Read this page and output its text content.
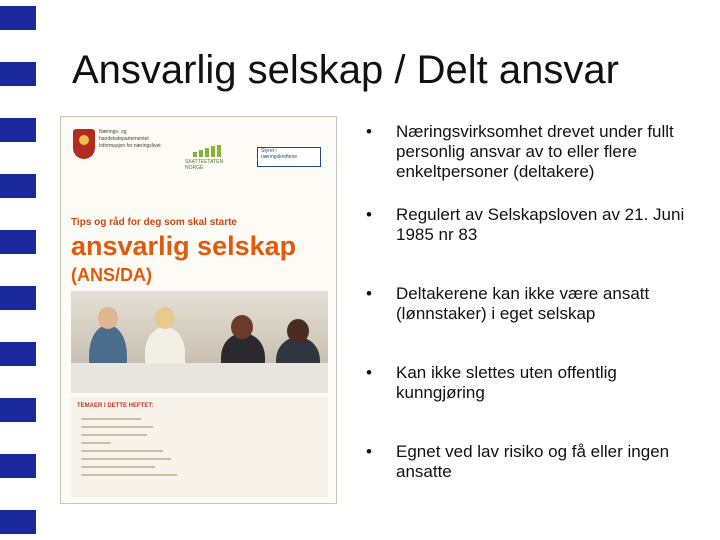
Ansvarlig selskap / Delt ansvar
Nærings- og
handelsdepartementet
Informasjon for næringslivet
SKATTEETATEN
NORGE
Styret i
næringskreftene
Tips og råd for deg som skal starte
ansvarlig selskap
(ANS/DA)
TEMAER I DETTE HEFTET:
•	Næringsvirksomhet drevet under fullt personlig ansvar av to eller flere enkeltpersoner (deltakere)
•	Regulert av Selskapsloven av 21. Juni 1985 nr 83
•	Deltakerene kan ikke være ansatt (lønnstaker) i eget selskap
•	Kan ikke slettes uten offentlig kunngjøring
•	Egnet ved lav risiko og få eller ingen ansatte
